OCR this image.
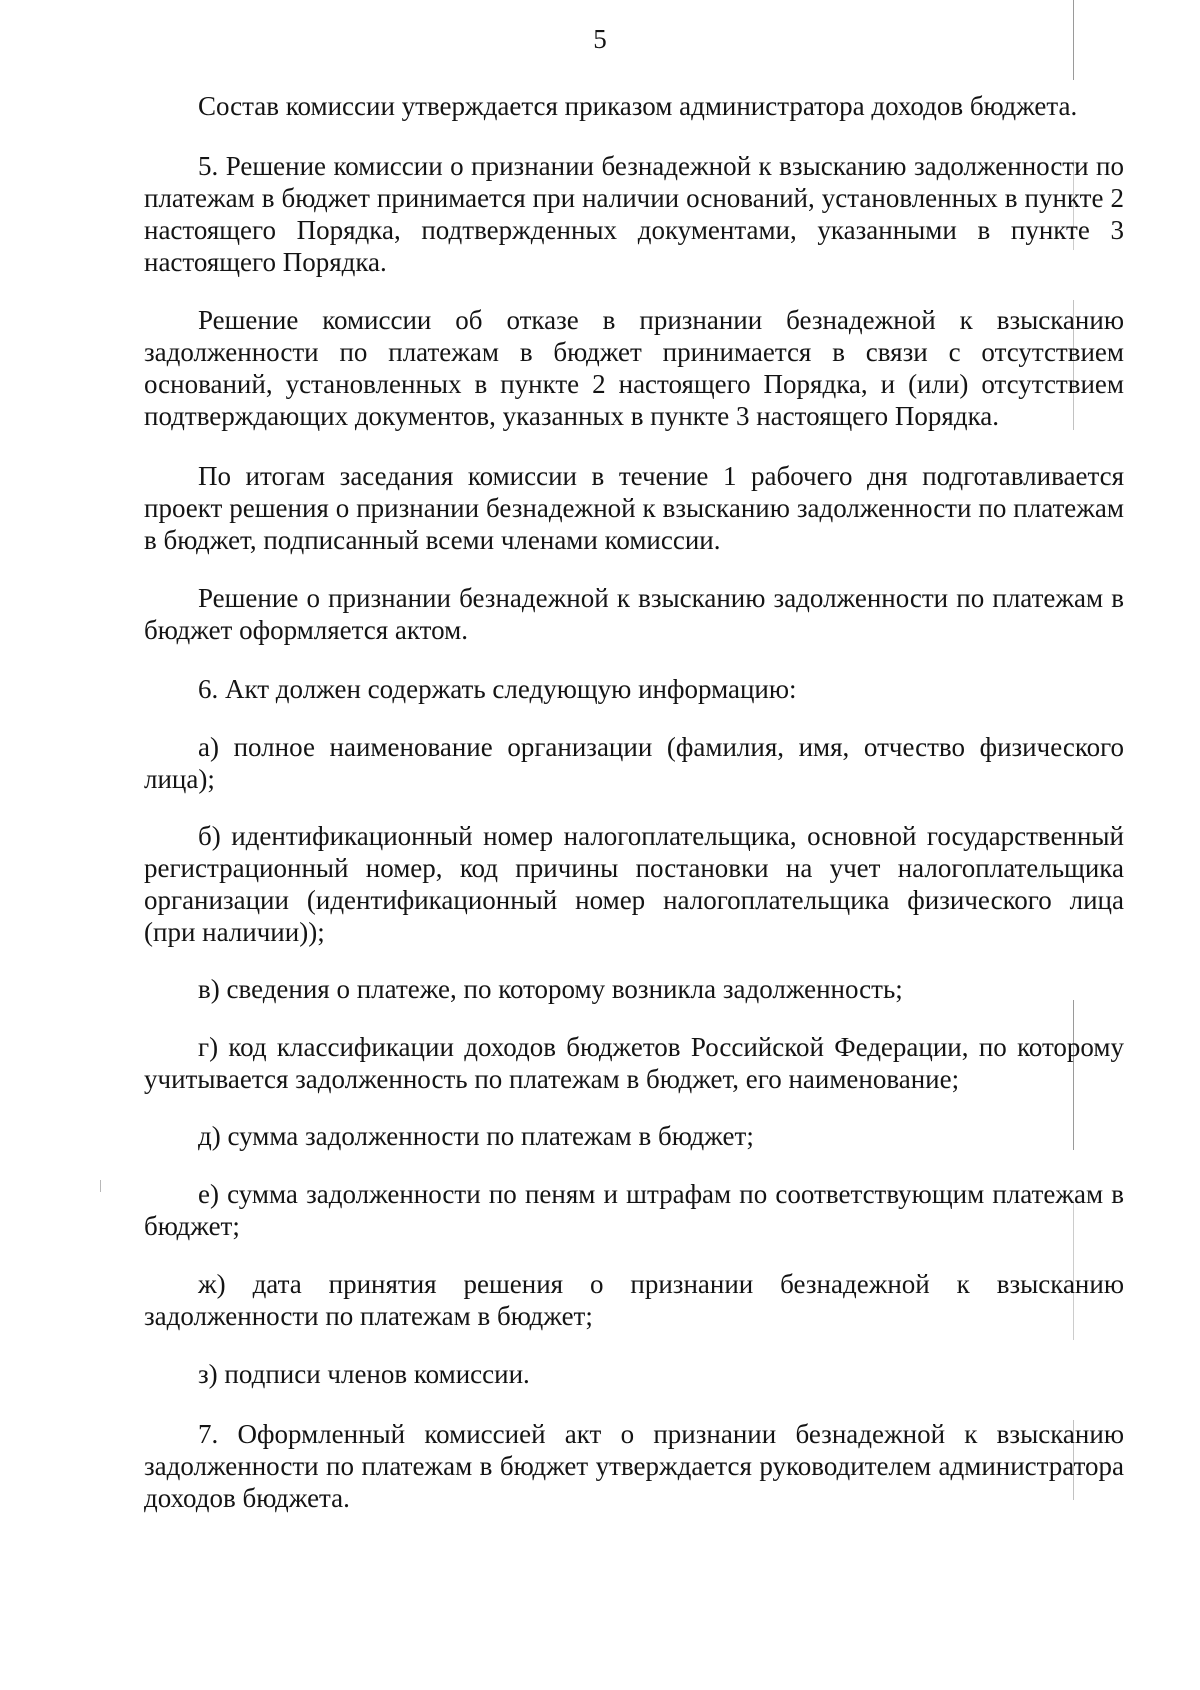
5

Состав комиссии утверждается приказом администратора доходов бюджета.

5. Решение комиссии о признании безнадежной к взысканию задолженности по платежам в бюджет принимается при наличии оснований, установленных в пункте 2 настоящего Порядка, подтвержденных документами, указанными в пункте 3 настоящего Порядка.

Решение комиссии об отказе в признании безнадежной к взысканию задолженности по платежам в бюджет принимается в связи с отсутствием оснований, установленных в пункте 2 настоящего Порядка, и (или) отсутствием подтверждающих документов, указанных в пункте 3 настоящего Порядка.

По итогам заседания комиссии в течение 1 рабочего дня подготавливается проект решения о признании безнадежной к взысканию задолженности по платежам в бюджет, подписанный всеми членами комиссии.

Решение о признании безнадежной к взысканию задолженности по платежам в бюджет оформляется актом.

6. Акт должен содержать следующую информацию:

а) полное наименование организации (фамилия, имя, отчество физического лица);

б) идентификационный номер налогоплательщика, основной государственный регистрационный номер, код причины постановки на учет налогоплательщика организации (идентификационный номер налогоплательщика физического лица (при наличии));

в) сведения о платеже, по которому возникла задолженность;

г) код классификации доходов бюджетов Российской Федерации, по которому учитывается задолженность по платежам в бюджет, его наименование;

д) сумма задолженности по платежам в бюджет;

е) сумма задолженности по пеням и штрафам по соответствующим платежам в бюджет;

ж) дата принятия решения о признании безнадежной к взысканию задолженности по платежам в бюджет;

з) подписи членов комиссии.

7. Оформленный комиссией акт о признании безнадежной к взысканию задолженности по платежам в бюджет утверждается руководителем администратора доходов бюджета.
